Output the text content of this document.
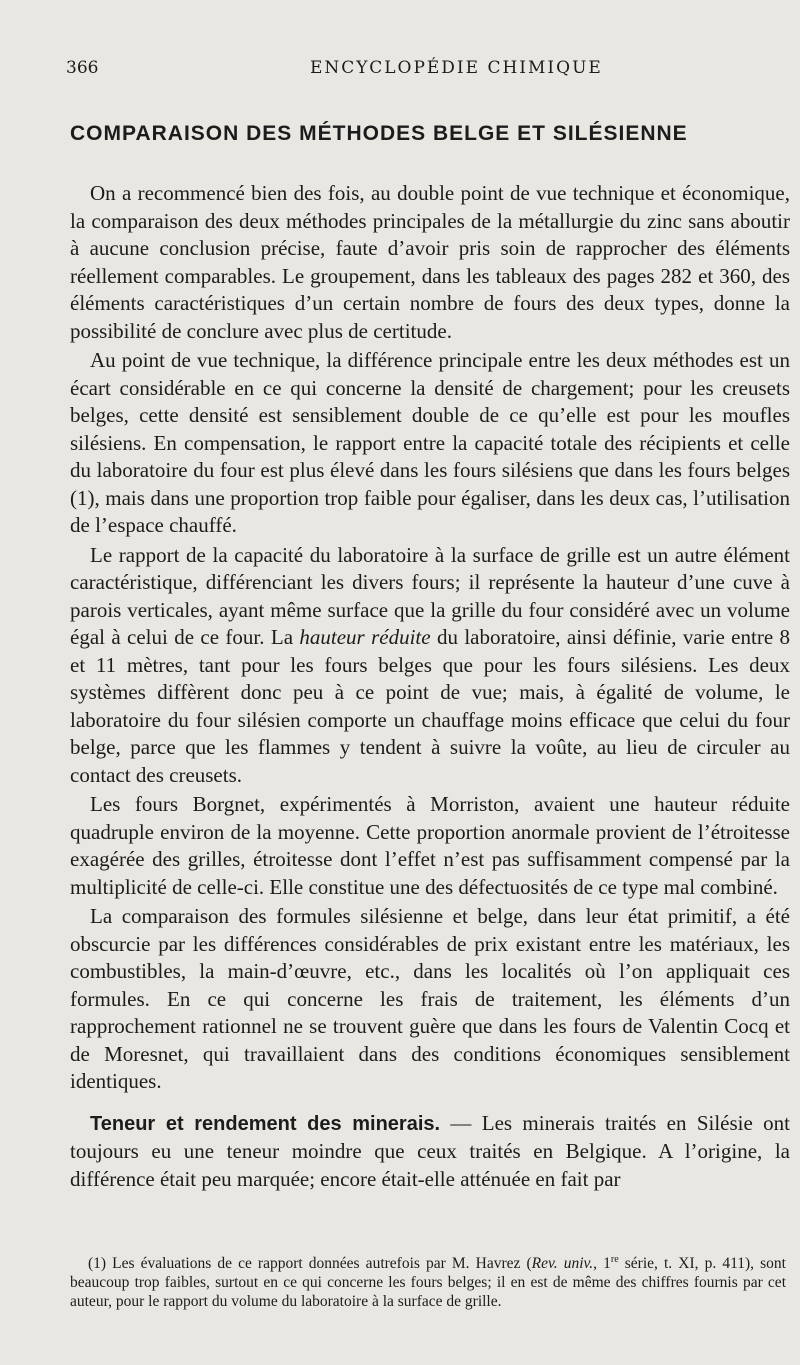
366	ENCYCLOPÉDIE CHIMIQUE
COMPARAISON DES MÉTHODES BELGE ET SILÉSIENNE

On a recommencé bien des fois, au double point de vue technique et économique, la comparaison des deux méthodes principales de la métallurgie du zinc sans aboutir à aucune conclusion précise, faute d’avoir pris soin de rapprocher des éléments réellement comparables. Le groupement, dans les tableaux des pages 282 et 360, des éléments caractéristiques d’un certain nombre de fours des deux types, donne la possibilité de conclure avec plus de certitude.

Au point de vue technique, la différence principale entre les deux méthodes est un écart considérable en ce qui concerne la densité de chargement; pour les creusets belges, cette densité est sensiblement double de ce qu’elle est pour les moufles silésiens. En compensation, le rapport entre la capacité totale des récipients et celle du laboratoire du four est plus élevé dans les fours silésiens que dans les fours belges (1), mais dans une proportion trop faible pour égaliser, dans les deux cas, l’utilisation de l’espace chauffé.

Le rapport de la capacité du laboratoire à la surface de grille est un autre élément caractéristique, différenciant les divers fours; il représente la hauteur d’une cuve à parois verticales, ayant même surface que la grille du four considéré avec un volume égal à celui de ce four. La hauteur réduite du laboratoire, ainsi définie, varie entre 8 et 11 mètres, tant pour les fours belges que pour les fours silésiens. Les deux systèmes diffèrent donc peu à ce point de vue; mais, à égalité de volume, le laboratoire du four silésien comporte un chauffage moins efficace que celui du four belge, parce que les flammes y tendent à suivre la voûte, au lieu de circuler au contact des creusets.

Les fours Borgnet, expérimentés à Morriston, avaient une hauteur réduite quadruple environ de la moyenne. Cette proportion anormale provient de l’étroitesse exagérée des grilles, étroitesse dont l’effet n’est pas suffisamment compensé par la multiplicité de celle-ci. Elle constitue une des défectuosités de ce type mal combiné.

La comparaison des formules silésienne et belge, dans leur état primitif, a été obscurcie par les différences considérables de prix existant entre les matériaux, les combustibles, la main-d’œuvre, etc., dans les localités où l’on appliquait ces formules. En ce qui concerne les frais de traitement, les éléments d’un rapprochement rationnel ne se trouvent guère que dans les fours de Valentin Cocq et de Moresnet, qui travaillaient dans des conditions économiques sensiblement identiques.

Teneur et rendement des minerais. — Les minerais traités en Silésie ont toujours eu une teneur moindre que ceux traités en Belgique. A l’origine, la différence était peu marquée; encore était-elle atténuée en fait par

(1) Les évaluations de ce rapport données autrefois par M. Havrez (Rev. univ., 1re série, t. XI, p. 411), sont beaucoup trop faibles, surtout en ce qui concerne les fours belges; il en est de même des chiffres fournis par cet auteur, pour le rapport du volume du laboratoire à la surface de grille.
